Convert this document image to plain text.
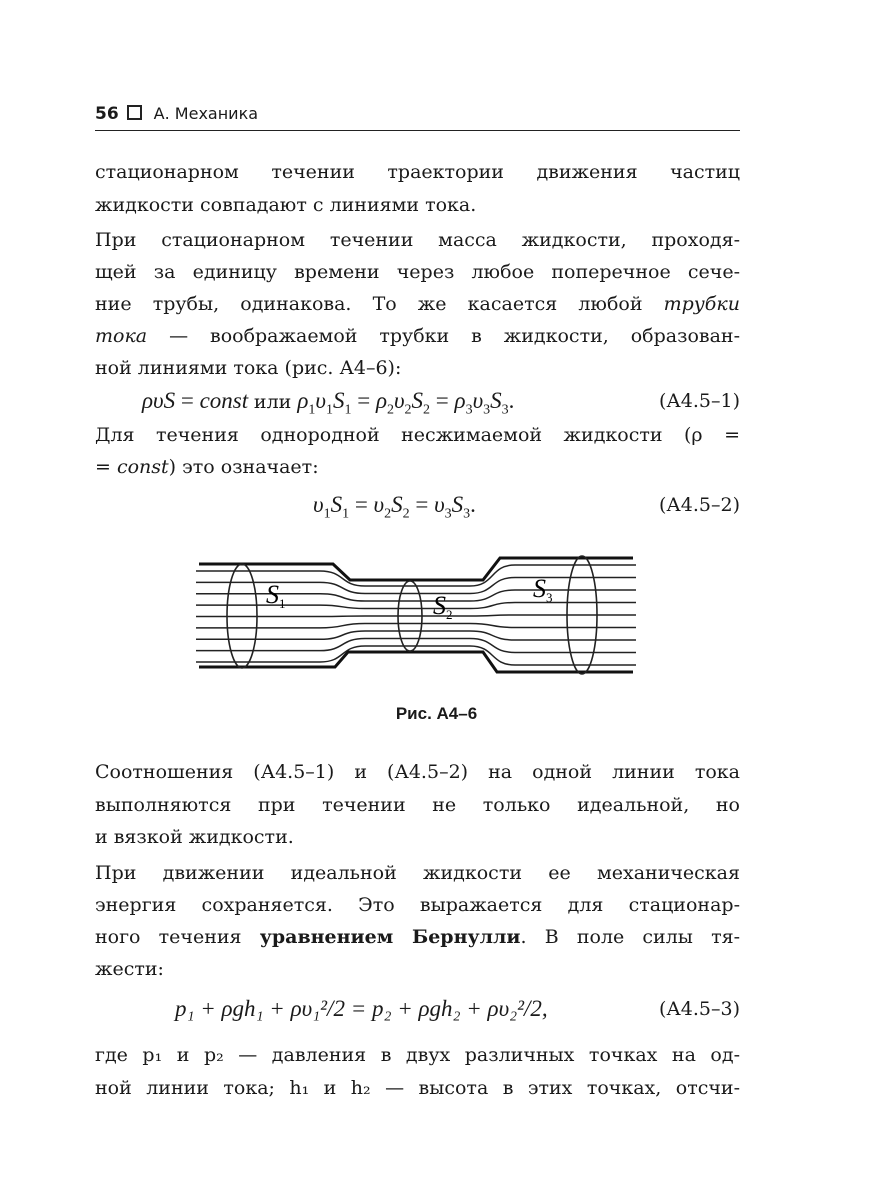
56 А. Механика
стационарном течении траектории движения частиц
жидкости совпадают с линиями тока.
При стационарном течении масса жидкости, проходя-
щей за единицу времени через любое поперечное сече-
ние трубы, одинакова. То же касается любой трубки
тока — воображаемой трубки в жидкости, образован-
ной линиями тока (рис. А4–6):
ρυS = const или $\rho_1\upsilon_1S_1 = \rho_2\upsilon_2S_2 = \rho_3\upsilon_3S_3$.	(А4.5–1)
Для течения однородной несжимаемой жидкости (ρ =
= const) это означает:
$\upsilon_1S_1 = \upsilon_2S_2 = \upsilon_3S_3$.	(А4.5–2)
S1	S2
S3
Рис. А4–6
Соотношения (А4.5–1) и (А4.5–2) на одной линии тока
выполняются при течении не только идеальной, но
и вязкой жидкости.
При движении идеальной жидкости ее механическая
энергия сохраняется. Это выражается для стационар-
ного течения уравнением Бернулли. В поле силы тя-
жести:
p₁ + ρgh₁ + ρυ₁²/2 = p₂ + ρgh₂ + ρυ₂²/2,	(А4.5–3)
где p₁ и p₂ — давления в двух различных точках на од-
ной линии тока; h₁ и h₂ — высота в этих точках, отсчи-
